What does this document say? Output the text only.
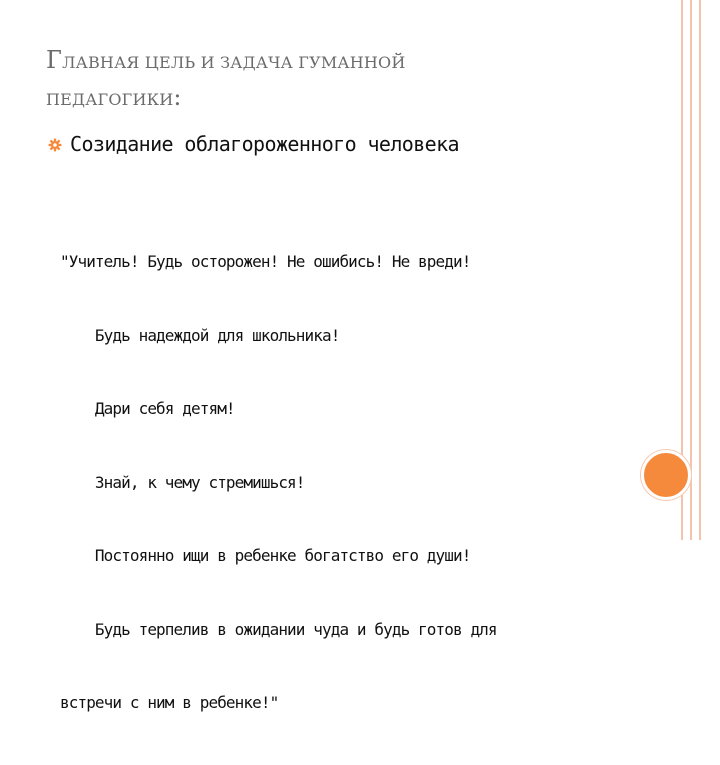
ГЛАВНАЯ ЦЕЛЬ И ЗАДАЧА ГУМАННОЙ
ПЕДАГОГИКИ:
Созидание облагороженного человека

"Учитель! Будь осторожен! Не ошибись! Не вреди!

Будь надеждой для школьника!

Дари себя детям!

Знай, к чему стремишься!

Постоянно ищи в ребенке богатство его души!

Будь терпелив в ожидании чуда и будь готов для

встречи с ним в ребенке!"
